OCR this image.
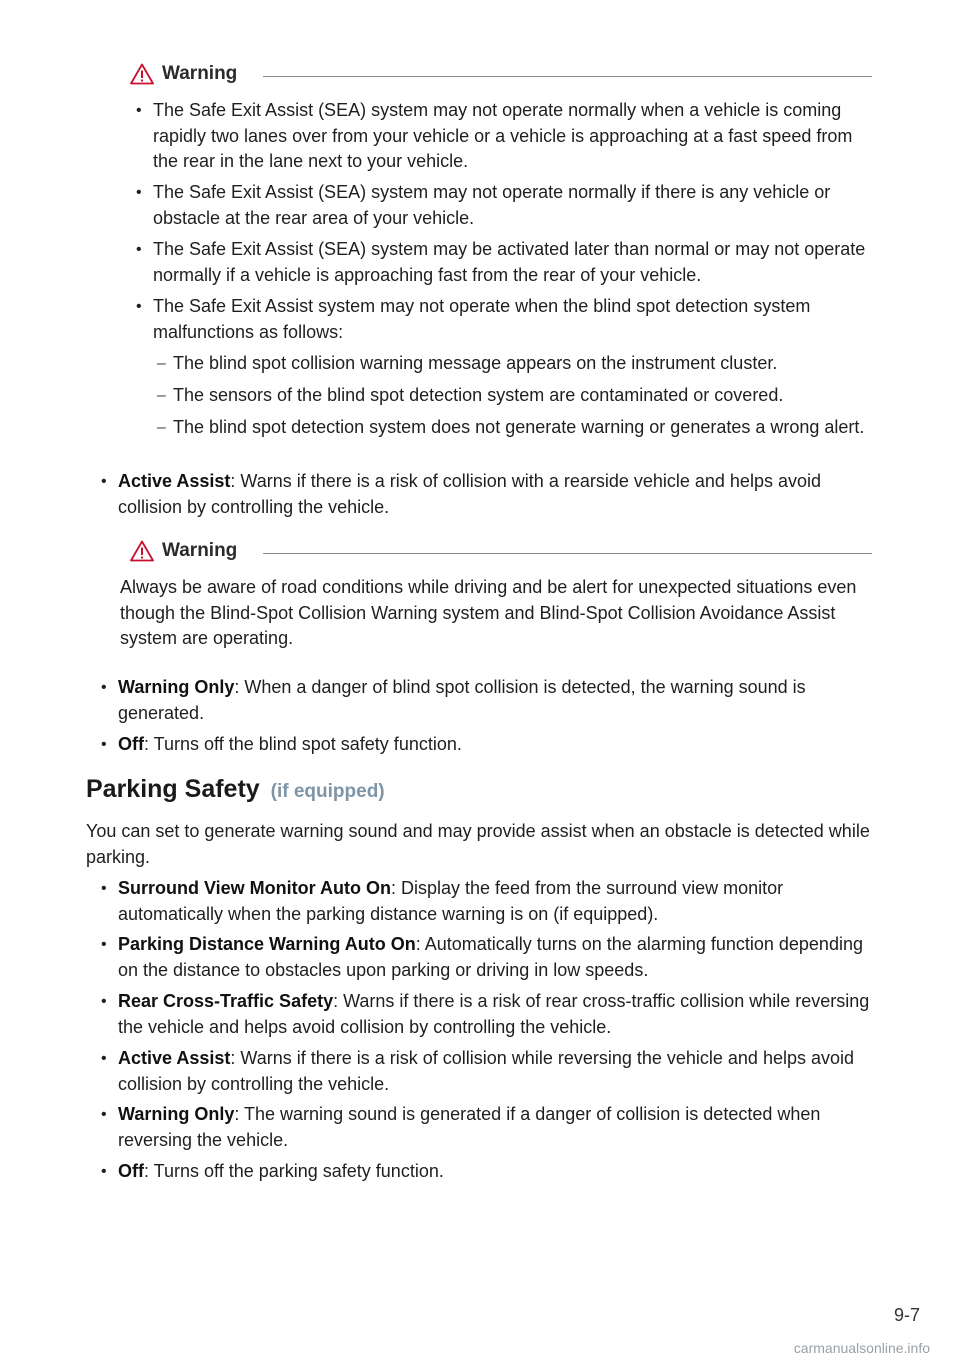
Warning
• The Safe Exit Assist (SEA) system may not operate normally when a vehicle is coming rapidly two lanes over from your vehicle or a vehicle is approaching at a fast speed from the rear in the lane next to your vehicle.
• The Safe Exit Assist (SEA) system may not operate normally if there is any vehicle or obstacle at the rear area of your vehicle.
• The Safe Exit Assist (SEA) system may be activated later than normal or may not operate normally if a vehicle is approaching fast from the rear of your vehicle.
• The Safe Exit Assist system may not operate when the blind spot detection system malfunctions as follows:
– The blind spot collision warning message appears on the instrument cluster.
– The sensors of the blind spot detection system are contaminated or covered.
– The blind spot detection system does not generate warning or generates a wrong alert.
• Active Assist: Warns if there is a risk of collision with a rearside vehicle and helps avoid collision by controlling the vehicle.
Warning
Always be aware of road conditions while driving and be alert for unexpected situations even though the Blind-Spot Collision Warning system and Blind-Spot Collision Avoidance Assist system are operating.
• Warning Only: When a danger of blind spot collision is detected, the warning sound is generated.
• Off: Turns off the blind spot safety function.
Parking Safety (if equipped)
You can set to generate warning sound and may provide assist when an obstacle is detected while parking.
• Surround View Monitor Auto On: Display the feed from the surround view monitor automatically when the parking distance warning is on (if equipped).
• Parking Distance Warning Auto On: Automatically turns on the alarming function depending on the distance to obstacles upon parking or driving in low speeds.
• Rear Cross-Traffic Safety: Warns if there is a risk of rear cross-traffic collision while reversing the vehicle and helps avoid collision by controlling the vehicle.
• Active Assist: Warns if there is a risk of collision while reversing the vehicle and helps avoid collision by controlling the vehicle.
• Warning Only: The warning sound is generated if a danger of collision is detected when reversing the vehicle.
• Off: Turns off the parking safety function.
9-7
carmanualsonline.info
